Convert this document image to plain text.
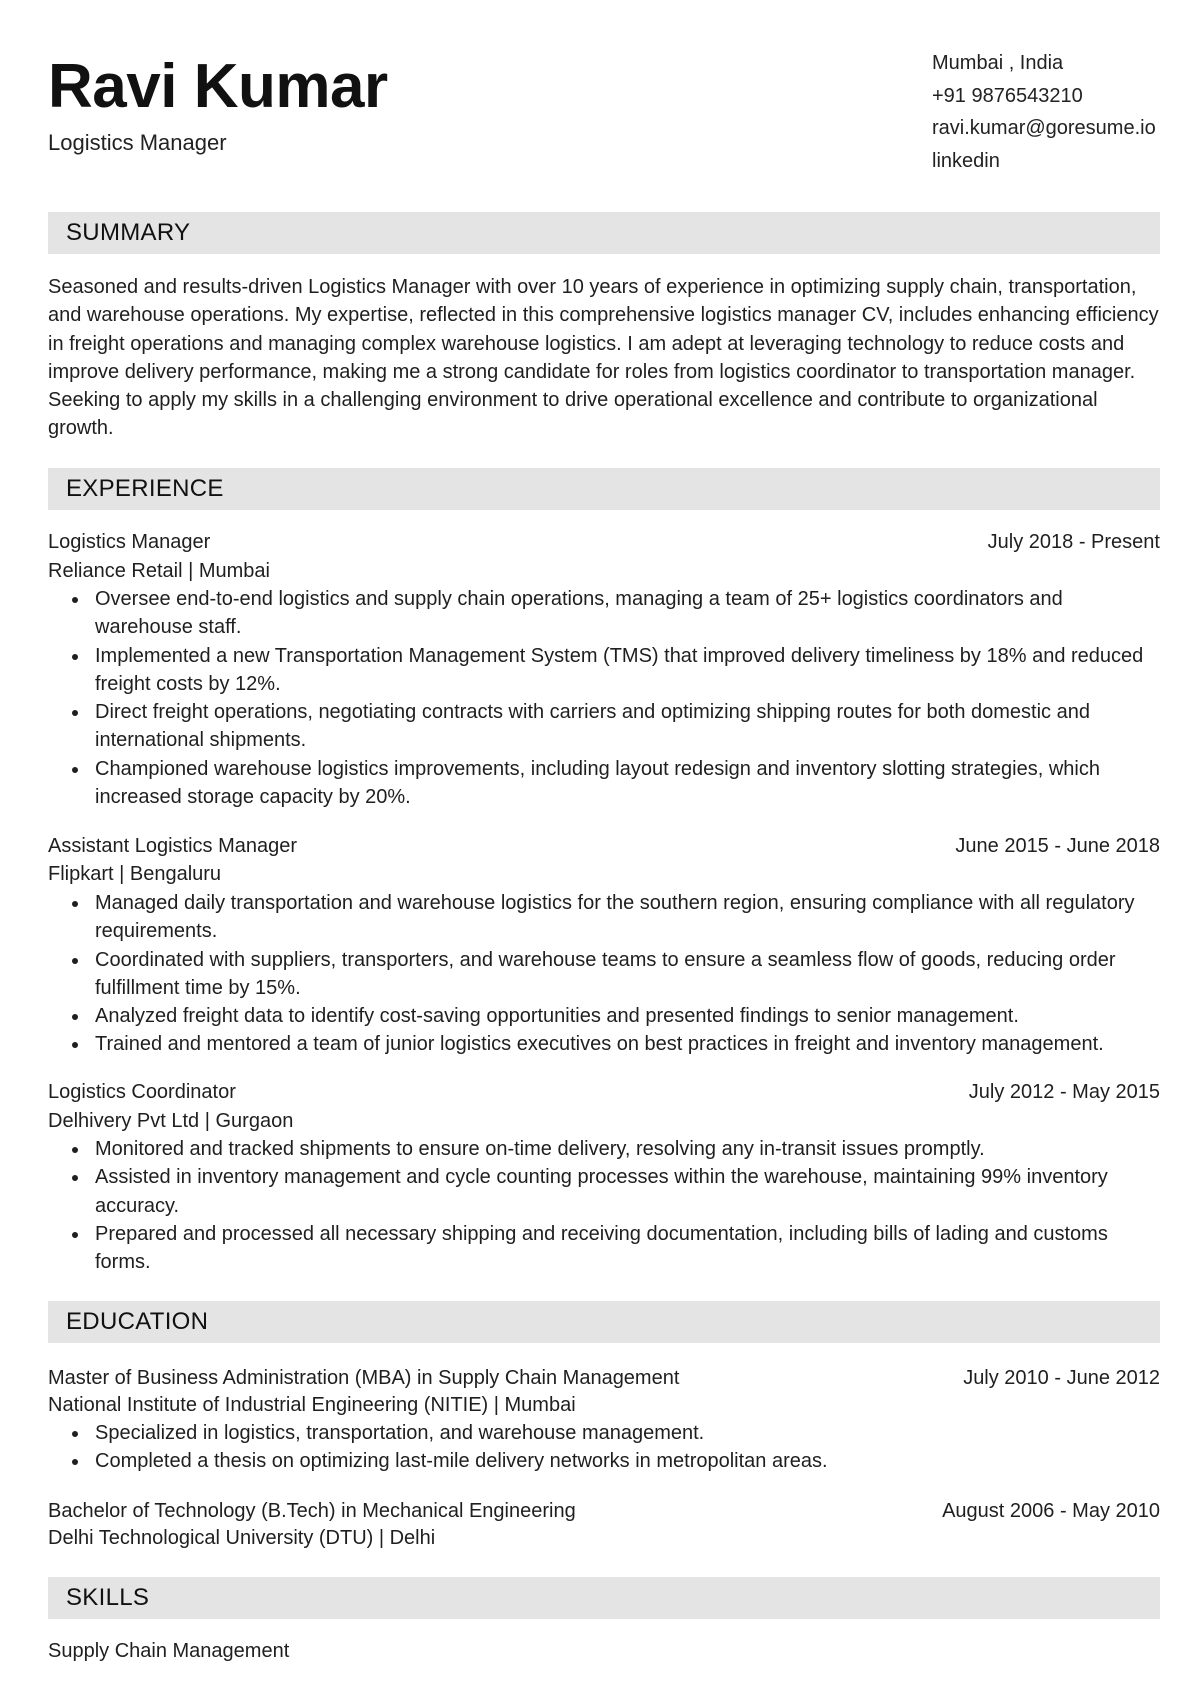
Ravi Kumar
Logistics Manager
Mumbai , India
+91 9876543210
ravi.kumar@goresume.io
linkedin
SUMMARY
Seasoned and results-driven Logistics Manager with over 10 years of experience in optimizing supply chain, transportation, and warehouse operations. My expertise, reflected in this comprehensive logistics manager CV, includes enhancing efficiency in freight operations and managing complex warehouse logistics. I am adept at leveraging technology to reduce costs and improve delivery performance, making me a strong candidate for roles from logistics coordinator to transportation manager. Seeking to apply my skills in a challenging environment to drive operational excellence and contribute to organizational growth.
EXPERIENCE
Logistics Manager	July 2018 - Present
Reliance Retail | Mumbai
Oversee end-to-end logistics and supply chain operations, managing a team of 25+ logistics coordinators and warehouse staff.
Implemented a new Transportation Management System (TMS) that improved delivery timeliness by 18% and reduced freight costs by 12%.
Direct freight operations, negotiating contracts with carriers and optimizing shipping routes for both domestic and international shipments.
Championed warehouse logistics improvements, including layout redesign and inventory slotting strategies, which increased storage capacity by 20%.
Assistant Logistics Manager	June 2015 - June 2018
Flipkart | Bengaluru
Managed daily transportation and warehouse logistics for the southern region, ensuring compliance with all regulatory requirements.
Coordinated with suppliers, transporters, and warehouse teams to ensure a seamless flow of goods, reducing order fulfillment time by 15%.
Analyzed freight data to identify cost-saving opportunities and presented findings to senior management.
Trained and mentored a team of junior logistics executives on best practices in freight and inventory management.
Logistics Coordinator	July 2012 - May 2015
Delhivery Pvt Ltd | Gurgaon
Monitored and tracked shipments to ensure on-time delivery, resolving any in-transit issues promptly.
Assisted in inventory management and cycle counting processes within the warehouse, maintaining 99% inventory accuracy.
Prepared and processed all necessary shipping and receiving documentation, including bills of lading and customs forms.
EDUCATION
Master of Business Administration (MBA) in Supply Chain Management	July 2010 - June 2012
National Institute of Industrial Engineering (NITIE) | Mumbai
Specialized in logistics, transportation, and warehouse management.
Completed a thesis on optimizing last-mile delivery networks in metropolitan areas.
Bachelor of Technology (B.Tech) in Mechanical Engineering	August 2006 - May 2010
Delhi Technological University (DTU) | Delhi
SKILLS
Supply Chain Management
